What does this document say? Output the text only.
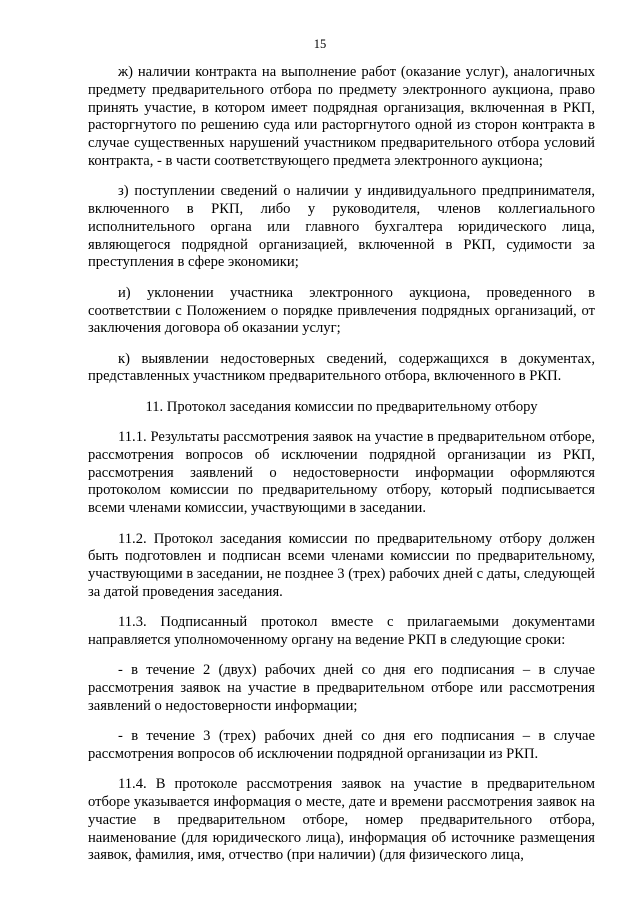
15

ж) наличии контракта на выполнение работ (оказание услуг), аналогичных предмету предварительного отбора по предмету электронного аукциона, право принять участие, в котором имеет подрядная организация, включенная в РКП, расторгнутого по решению суда или расторгнутого одной из сторон контракта в случае существенных нарушений участником предварительного отбора условий контракта, - в части соответствующего предмета электронного аукциона;

з) поступлении сведений о наличии у индивидуального предпринимателя, включенного в РКП, либо у руководителя, членов коллегиального исполнительного органа или главного бухгалтера юридического лица, являющегося подрядной организацией, включенной в РКП, судимости за преступления в сфере экономики;

и) уклонении участника электронного аукциона, проведенного в соответствии с Положением о порядке привлечения подрядных организаций, от заключения договора об оказании услуг;

к) выявлении недостоверных сведений, содержащихся в документах, представленных участником предварительного отбора, включенного в РКП.

11. Протокол заседания комиссии по предварительному отбору

11.1. Результаты рассмотрения заявок на участие в предварительном отборе, рассмотрения вопросов об исключении подрядной организации из РКП, рассмотрения заявлений о недостоверности информации оформляются протоколом комиссии по предварительному отбору, который подписывается всеми членами комиссии, участвующими в заседании.

11.2. Протокол заседания комиссии по предварительному отбору должен быть подготовлен и подписан всеми членами комиссии по предварительному, участвующими в заседании, не позднее 3 (трех) рабочих дней с даты, следующей за датой проведения заседания.

11.3. Подписанный протокол вместе с прилагаемыми документами направляется уполномоченному органу на ведение РКП в следующие сроки:

- в течение 2 (двух) рабочих дней со дня его подписания – в случае рассмотрения заявок на участие в предварительном отборе или рассмотрения заявлений о недостоверности информации;

- в течение 3 (трех) рабочих дней со дня его подписания – в случае рассмотрения вопросов об исключении подрядной организации из РКП.

11.4. В протоколе рассмотрения заявок на участие в предварительном отборе указывается информация о месте, дате и времени рассмотрения заявок на участие в предварительном отборе, номер предварительного отбора, наименование (для юридического лица), информация об источнике размещения заявок, фамилия, имя, отчество (при наличии) (для физического лица,
